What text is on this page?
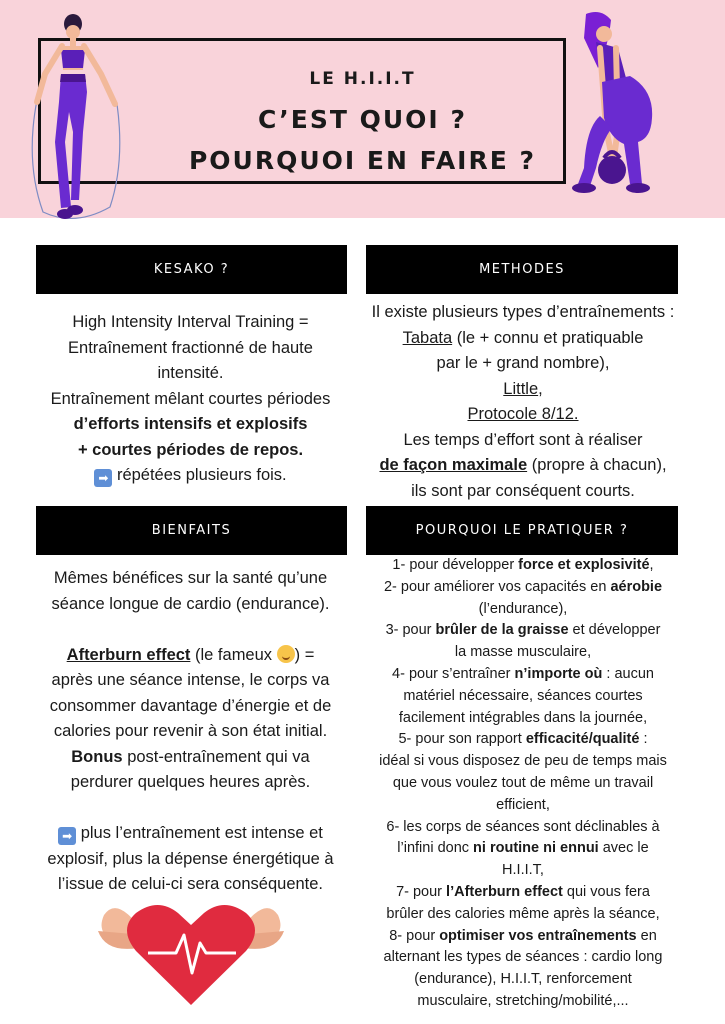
LE H.I.I.T
C’EST QUOI ?
POURQUOI EN FAIRE ?
KESAKO ?	METHODES
BIENFAITS	POURQUOI LE PRATIQUER ?
High Intensity Interval Training =
Entraînement fractionné de haute
intensité.
Entraînement mêlant courtes périodes
d’efforts intensifs et explosifs
+ courtes périodes de repos.
➡ répétées plusieurs fois.
Il existe plusieurs types d’entraînements :
Tabata (le + connu et pratiquable
par le + grand nombre),
Little,
Protocole 8/12.
Les temps d’effort sont à réaliser
de façon maximale (propre à chacun),
ils sont par conséquent courts.
Mêmes bénéfices sur la santé qu’une
séance longue de cardio (endurance).
Afterburn effect (le fameux ) =
après une séance intense, le corps va
consommer davantage d’énergie et de
calories pour revenir à son état initial.
Bonus post-entraînement qui va
perdurer quelques heures après.
➡ plus l’entraînement est intense et
explosif, plus la dépense énergétique à
l’issue de celui-ci sera conséquente.
1- pour développer force et explosivité,
2- pour améliorer vos capacités en aérobie
(l’endurance),
3- pour brûler de la graisse et développer
la masse musculaire,
4- pour s’entraîner n’importe où : aucun
matériel nécessaire, séances courtes
facilement intégrables dans la journée,
5- pour son rapport efficacité/qualité :
idéal si vous disposez de peu de temps mais
que vous voulez tout de même un travail
efficient,
6- les corps de séances sont déclinables à
l’infini donc ni routine ni ennui avec le
H.I.I.T,
7- pour l’Afterburn effect qui vous fera
brûler des calories même après la séance,
8- pour optimiser vos entraînements en
alternant les types de séances : cardio long
(endurance), H.I.I.T, renforcement
musculaire, stretching/mobilité,...
